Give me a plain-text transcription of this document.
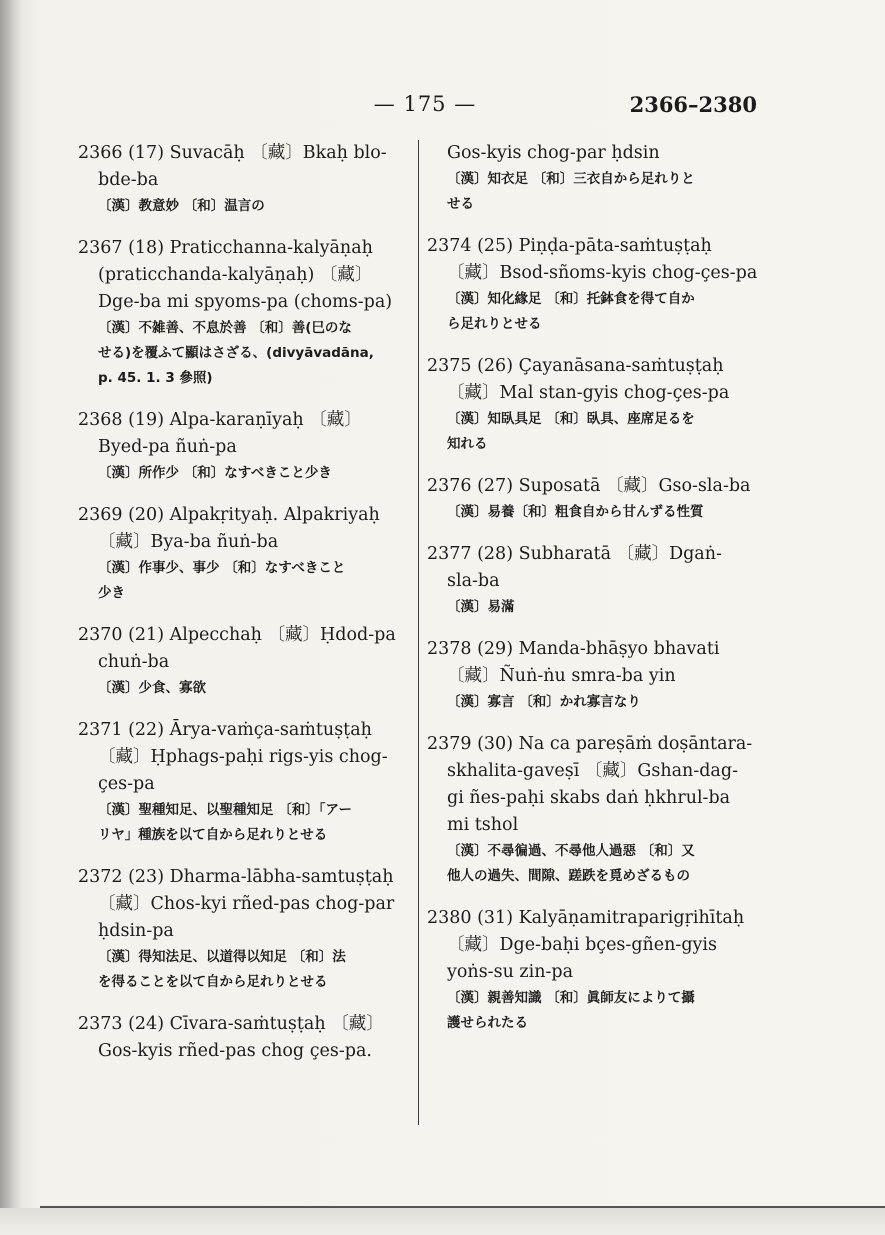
— 175 —	2366–2380
2366 (17) Suvacāḥ 〔藏〕Bkaḥ blo-
bde-ba
〔漢〕教意妙 〔和〕温言の
2367 (18) Praticchanna-kalyāṇaḥ
(praticchanda-kalyāṇaḥ) 〔藏〕
Dge-ba mi spyoms-pa (choms-pa)
〔漢〕不雑善、不息於善 〔和〕善(巳のな
せる)を覆ふて顯はさざる、(divyāvadāna,
p. 45. 1. 3 參照)
2368 (19) Alpa-karaṇīyaḥ 〔藏〕
Byed-pa ñuṅ-pa
〔漢〕所作少 〔和〕なすべきこと少き
2369 (20) Alpakṛityaḥ. Alpakriyaḥ
〔藏〕Bya-ba ñuṅ-ba
〔漢〕作事少、事少 〔和〕なすべきこと
少き
2370 (21) Alpecchaḥ 〔藏〕Ḥdod-pa
chuṅ-ba
〔漢〕少食、寡欲
2371 (22) Ārya-vaṁça-saṁtuṣṭaḥ
〔藏〕Ḥphags-paḥi rigs-yis chog-
çes-pa
〔漢〕聖種知足、以聖種知足 〔和〕「アー
リヤ」種族を以て自から足れりとせる
2372 (23) Dharma-lābha-samtuṣṭaḥ
〔藏〕Chos-kyi rñed-pas chog-par
ḥdsin-pa
〔漢〕得知法足、以道得以知足 〔和〕法
を得ることを以て自から足れりとせる
2373 (24) Cīvara-saṁtuṣṭaḥ 〔藏〕
Gos-kyis rñed-pas chog çes-pa.
Gos-kyis chog-par ḥdsin
〔漢〕知衣足 〔和〕三衣自から足れりと
せる
2374 (25) Piṇḍa-pāta-saṁtuṣṭaḥ
〔藏〕Bsod-sñoms-kyis chog-çes-pa
〔漢〕知化緣足 〔和〕托鉢食を得て自か
ら足れりとせる
2375 (26) Çayanāsana-saṁtuṣṭaḥ
〔藏〕Mal stan-gyis chog-çes-pa
〔漢〕知臥具足 〔和〕臥具、座席足るを
知れる
2376 (27) Suposatā 〔藏〕Gso-sla-ba
〔漢〕易養〔和〕粗食自から甘んずる性質
2377 (28) Subharatā 〔藏〕Dgaṅ-
sla-ba
〔漢〕易滿
2378 (29) Manda-bhāṣyo bhavati
〔藏〕Ñuṅ-ṅu smra-ba yin
〔漢〕寡言 〔和〕かれ寡言なり
2379 (30) Na ca pareṣāṁ doṣāntara-
skhalita-gaveṣī 〔藏〕Gshan-dag-
gi ñes-paḥi skabs daṅ ḥkhrul-ba
mi tshol
〔漢〕不尋徧過、不尋他人過惡 〔和〕又
他人の過失、間隙、蹉跌を覓めざるもの
2380 (31) Kalyāṇamitraparigṛihītaḥ
〔藏〕Dge-baḥi bçes-gñen-gyis
yoṅs-su zin-pa
〔漢〕親善知識 〔和〕眞師友によりて攝
護せられたる
